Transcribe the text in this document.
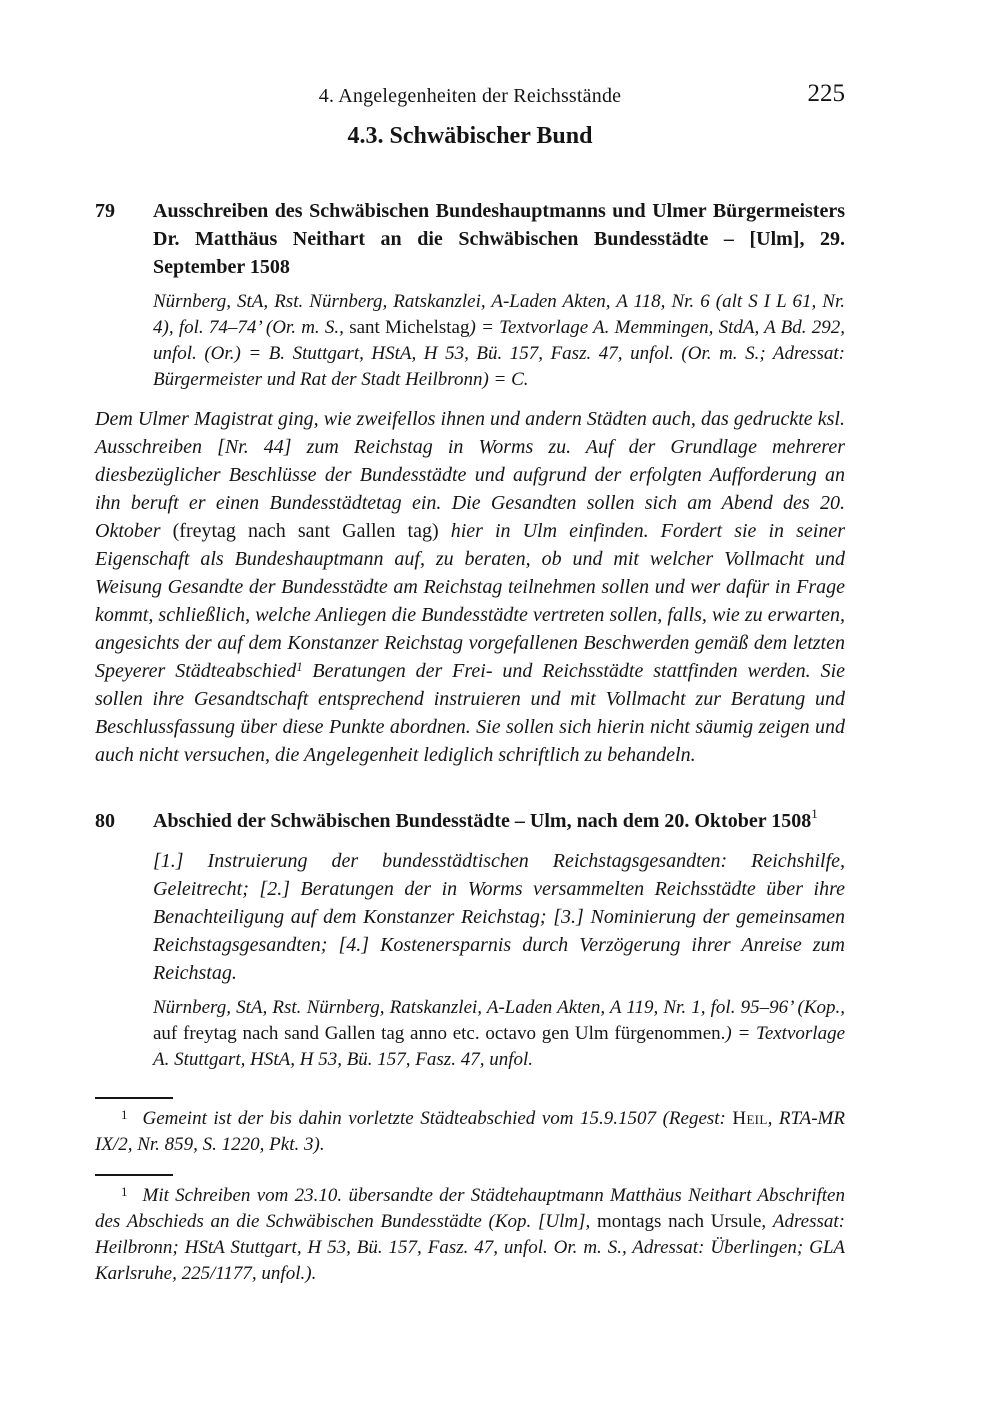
4. Angelegenheiten der Reichsstände	225
4.3. Schwäbischer Bund
79	Ausschreiben des Schwäbischen Bundeshauptmanns und Ulmer Bürgermeisters Dr. Matthäus Neithart an die Schwäbischen Bundesstädte – [Ulm], 29. September 1508
Nürnberg, StA, Rst. Nürnberg, Ratskanzlei, A-Laden Akten, A 118, Nr. 6 (alt S I L 61, Nr. 4), fol. 74–74’ (Or. m. S., sant Michelstag) = Textvorlage A. Memmingen, StdA, A Bd. 292, unfol. (Or.) = B. Stuttgart, HStA, H 53, Bü. 157, Fasz. 47, unfol. (Or. m. S.; Adressat: Bürgermeister und Rat der Stadt Heilbronn) = C.
Dem Ulmer Magistrat ging, wie zweifellos ihnen und andern Städten auch, das gedruckte ksl. Ausschreiben [Nr. 44] zum Reichstag in Worms zu. Auf der Grundlage mehrerer diesbezüglicher Beschlüsse der Bundesstädte und aufgrund der erfolgten Aufforderung an ihn beruft er einen Bundesstädtetag ein. Die Gesandten sollen sich am Abend des 20. Oktober (freytag nach sant Gallen tag) hier in Ulm einfinden. Fordert sie in seiner Eigenschaft als Bundeshauptmann auf, zu beraten, ob und mit welcher Vollmacht und Weisung Gesandte der Bundesstädte am Reichstag teilnehmen sollen und wer dafür in Frage kommt, schließlich, welche Anliegen die Bundesstädte vertreten sollen, falls, wie zu erwarten, angesichts der auf dem Konstanzer Reichstag vorgefallenen Beschwerden gemäß dem letzten Speyerer Städteabschied$^1$ Beratungen der Frei- und Reichsstädte stattfinden werden. Sie sollen ihre Gesandtschaft entsprechend instruieren und mit Vollmacht zur Beratung und Beschlussfassung über diese Punkte abordnen. Sie sollen sich hierin nicht säumig zeigen und auch nicht versuchen, die Angelegenheit lediglich schriftlich zu behandeln.
80	Abschied der Schwäbischen Bundesstädte – Ulm, nach dem 20. Oktober 1508$^1$
[1.] Instruierung der bundesstädtischen Reichstagsgesandten: Reichshilfe, Geleitrecht; [2.] Beratungen der in Worms versammelten Reichsstädte über ihre Benachteiligung auf dem Konstanzer Reichstag; [3.] Nominierung der gemeinsamen Reichstagsgesandten; [4.] Kostenersparnis durch Verzögerung ihrer Anreise zum Reichstag.
Nürnberg, StA, Rst. Nürnberg, Ratskanzlei, A-Laden Akten, A 119, Nr. 1, fol. 95–96’ (Kop., auf freytag nach sand Gallen tag anno etc. octavo gen Ulm fürgenommen.) = Textvorlage A. Stuttgart, HStA, H 53, Bü. 157, Fasz. 47, unfol.

$^1$ Gemeint ist der bis dahin vorletzte Städteabschied vom 15.9.1507 (Regest: Heil, RTA-MR IX/2, Nr. 859, S. 1220, Pkt. 3).

$^1$ Mit Schreiben vom 23.10. übersandte der Städtehauptmann Matthäus Neithart Abschriften des Abschieds an die Schwäbischen Bundesstädte (Kop. [Ulm], montags nach Ursule, Adressat: Heilbronn; HStA Stuttgart, H 53, Bü. 157, Fasz. 47, unfol. Or. m. S., Adressat: Überlingen; GLA Karlsruhe, 225/1177, unfol.).
